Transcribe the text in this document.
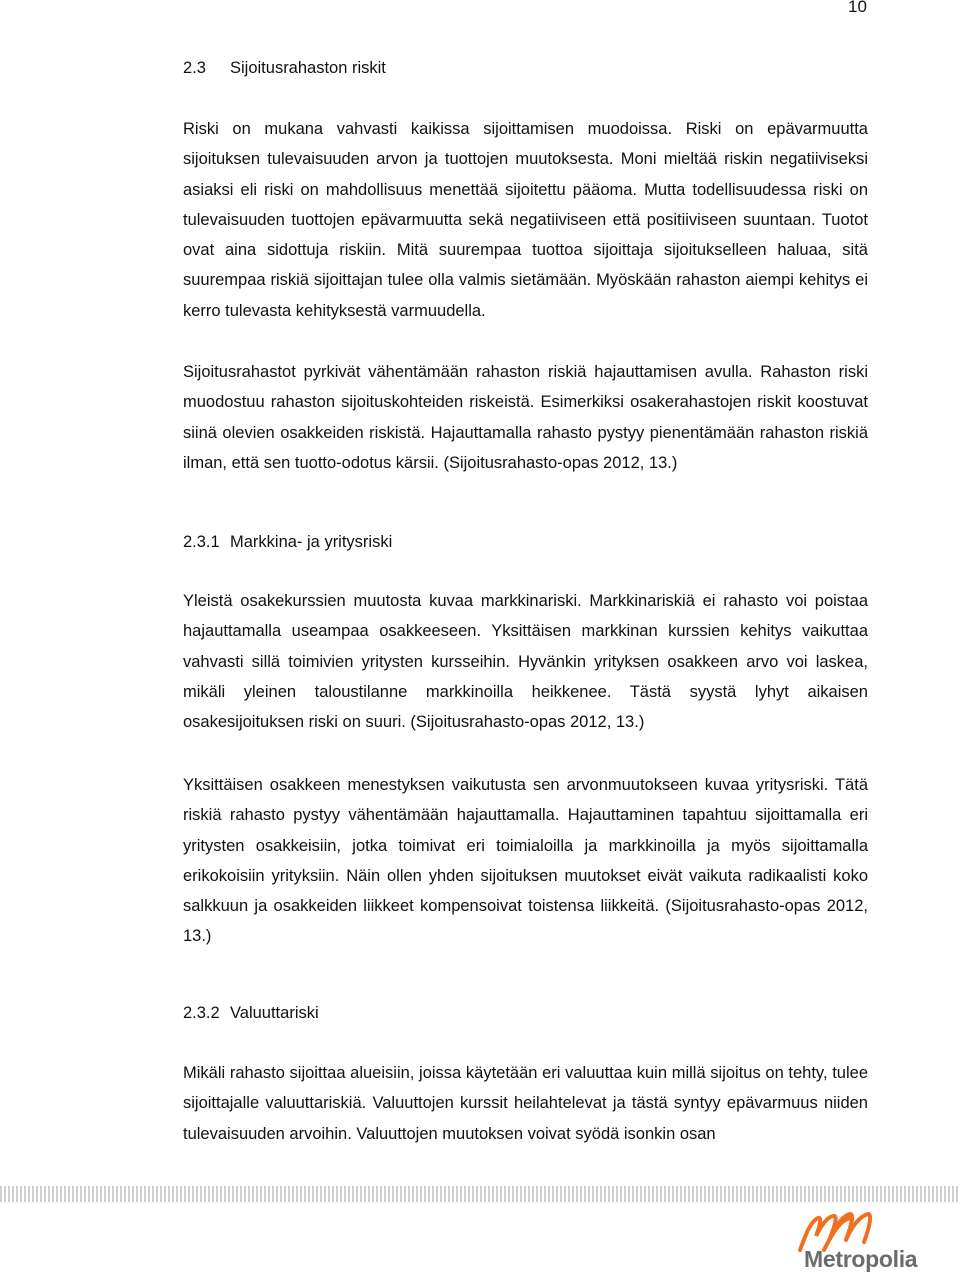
10
2.3 Sijoitusrahaston riskit

Riski on mukana vahvasti kaikissa sijoittamisen muodoissa. Riski on epävarmuutta sijoituksen tulevaisuuden arvon ja tuottojen muutoksesta. Moni mieltää riskin negatiiviseksi asiaksi eli riski on mahdollisuus menettää sijoitettu pääoma. Mutta todellisuudessa riski on tulevaisuuden tuottojen epävarmuutta sekä negatiiviseen että positiiviseen suuntaan. Tuotot ovat aina sidottuja riskiin. Mitä suurempaa tuottoa sijoittaja sijoitukselleen haluaa, sitä suurempaa riskiä sijoittajan tulee olla valmis sietämään. Myöskään rahaston aiempi kehitys ei kerro tulevasta kehityksestä varmuudella.

Sijoitusrahastot pyrkivät vähentämään rahaston riskiä hajauttamisen avulla. Rahaston riski muodostuu rahaston sijoituskohteiden riskeistä. Esimerkiksi osakerahastojen riskit koostuvat siinä olevien osakkeiden riskistä. Hajauttamalla rahasto pystyy pienentämään rahaston riskiä ilman, että sen tuotto-odotus kärsii. (Sijoitusrahasto-opas 2012, 13.)

2.3.1 Markkina- ja yritysriski

Yleistä osakekurssien muutosta kuvaa markkinariski. Markkinariskiä ei rahasto voi poistaa hajauttamalla useampaa osakkeeseen. Yksittäisen markkinan kurssien kehitys vaikuttaa vahvasti sillä toimivien yritysten kursseihin. Hyvänkin yrityksen osakkeen arvo voi laskea, mikäli yleinen taloustilanne markkinoilla heikkenee. Tästä syystä lyhyt aikaisen osakesijoituksen riski on suuri. (Sijoitusrahasto-opas 2012, 13.)

Yksittäisen osakkeen menestyksen vaikutusta sen arvonmuutokseen kuvaa yritysriski. Tätä riskiä rahasto pystyy vähentämään hajauttamalla. Hajauttaminen tapahtuu sijoittamalla eri yritysten osakkeisiin, jotka toimivat eri toimialoilla ja markkinoilla ja myös sijoittamalla erikokoisiin yrityksiin. Näin ollen yhden sijoituksen muutokset eivät vaikuta radikaalisti koko salkkuun ja osakkeiden liikkeet kompensoivat toistensa liikkeitä. (Sijoitusrahasto-opas 2012, 13.)

2.3.2 Valuuttariski

Mikäli rahasto sijoittaa alueisiin, joissa käytetään eri valuuttaa kuin millä sijoitus on tehty, tulee sijoittajalle valuuttariskiä. Valuuttojen kurssit heilahtelevat ja tästä syntyy epävarmuus niiden tulevaisuuden arvoihin. Valuuttojen muutoksen voivat syödä isonkin osan

Metropolia
